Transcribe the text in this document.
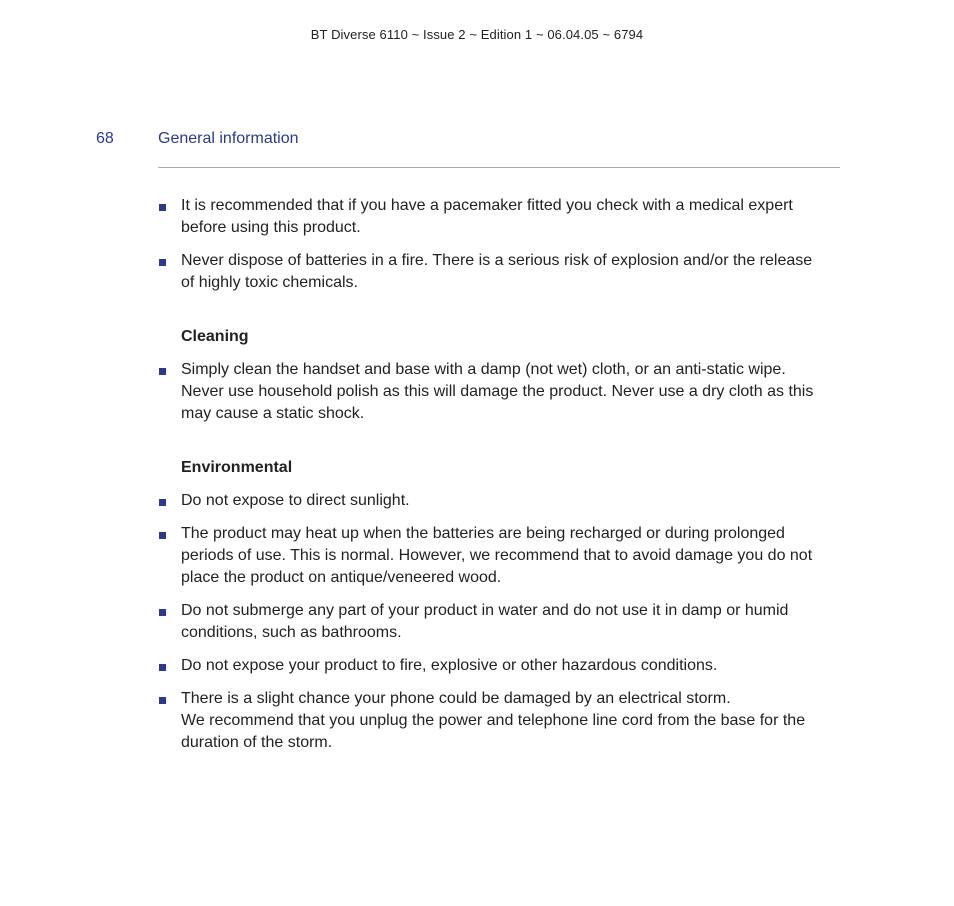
BT Diverse 6110 ~ Issue 2 ~ Edition 1 ~ 06.04.05 ~ 6794
68	General information
It is recommended that if you have a pacemaker fitted you check with a medical expert
before using this product.
Never dispose of batteries in a fire. There is a serious risk of explosion and/or the release
of highly toxic chemicals.
Cleaning
Simply clean the handset and base with a damp (not wet) cloth, or an anti-static wipe.
Never use household polish as this will damage the product. Never use a dry cloth as this
may cause a static shock.
Environmental
Do not expose to direct sunlight.
The product may heat up when the batteries are being recharged or during prolonged
periods of use. This is normal. However, we recommend that to avoid damage you do not
place the product on antique/veneered wood.
Do not submerge any part of your product in water and do not use it in damp or humid
conditions, such as bathrooms.
Do not expose your product to fire, explosive or other hazardous conditions.
There is a slight chance your phone could be damaged by an electrical storm.
We recommend that you unplug the power and telephone line cord from the base for the
duration of the storm.
